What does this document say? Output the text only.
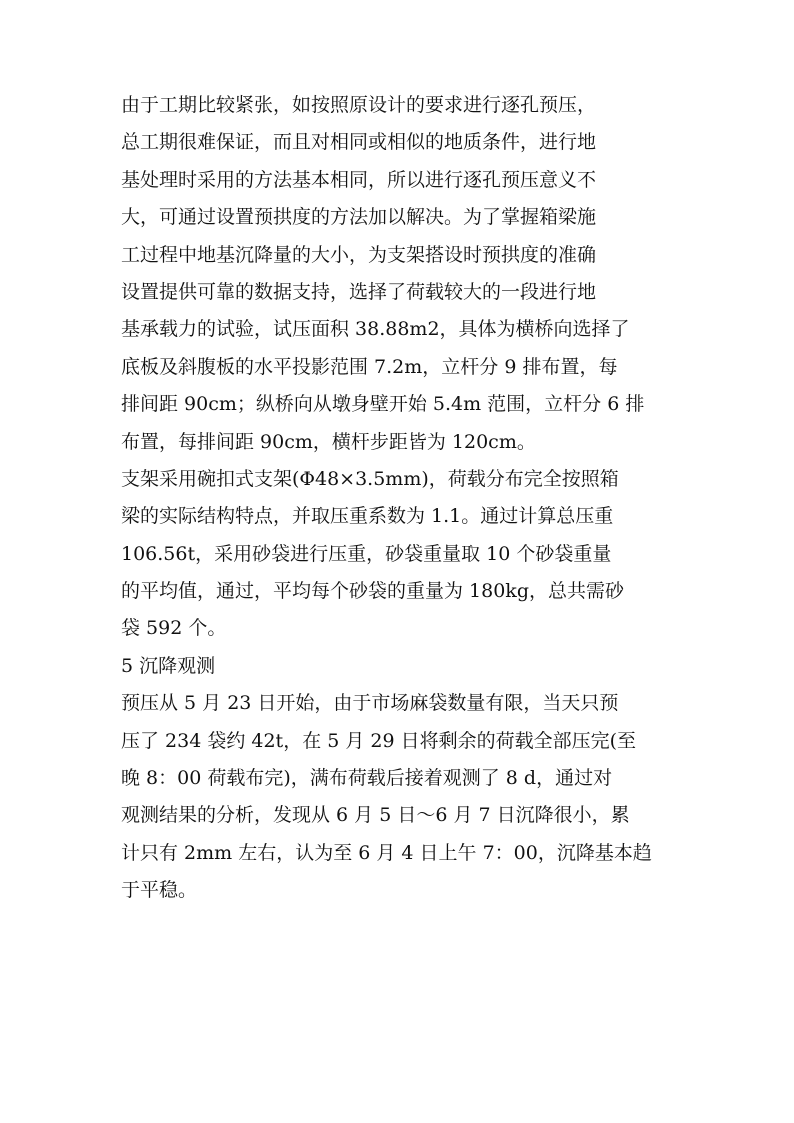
由于工期比较紧张，如按照原设计的要求进行逐孔预压，
总工期很难保证，而且对相同或相似的地质条件，进行地
基处理时采用的方法基本相同，所以进行逐孔预压意义不
大，可通过设置预拱度的方法加以解决。为了掌握箱梁施
工过程中地基沉降量的大小，为支架搭设时预拱度的准确
设置提供可靠的数据支持，选择了荷载较大的一段进行地
基承载力的试验，试压面积 38.88m2，具体为横桥向选择了
底板及斜腹板的水平投影范围 7.2m，立杆分 9 排布置，每
排间距 90cm；纵桥向从墩身壁开始 5.4m 范围，立杆分 6 排
布置，每排间距 90cm，横杆步距皆为 120cm。
支架采用碗扣式支架(Φ48×3.5mm)，荷载分布完全按照箱
梁的实际结构特点，并取压重系数为 1.1。通过计算总压重
106.56t，采用砂袋进行压重，砂袋重量取 10 个砂袋重量
的平均值，通过，平均每个砂袋的重量为 180kg，总共需砂
袋 592 个。
5 沉降观测
预压从 5 月 23 日开始，由于市场麻袋数量有限，当天只预
压了 234 袋约 42t，在 5 月 29 日将剩余的荷载全部压完(至
晚 8：00 荷载布完)，满布荷载后接着观测了 8 d，通过对
观测结果的分析，发现从 6 月 5 日～6 月 7 日沉降很小，累
计只有 2mm 左右，认为至 6 月 4 日上午 7：00，沉降基本趋
于平稳。
